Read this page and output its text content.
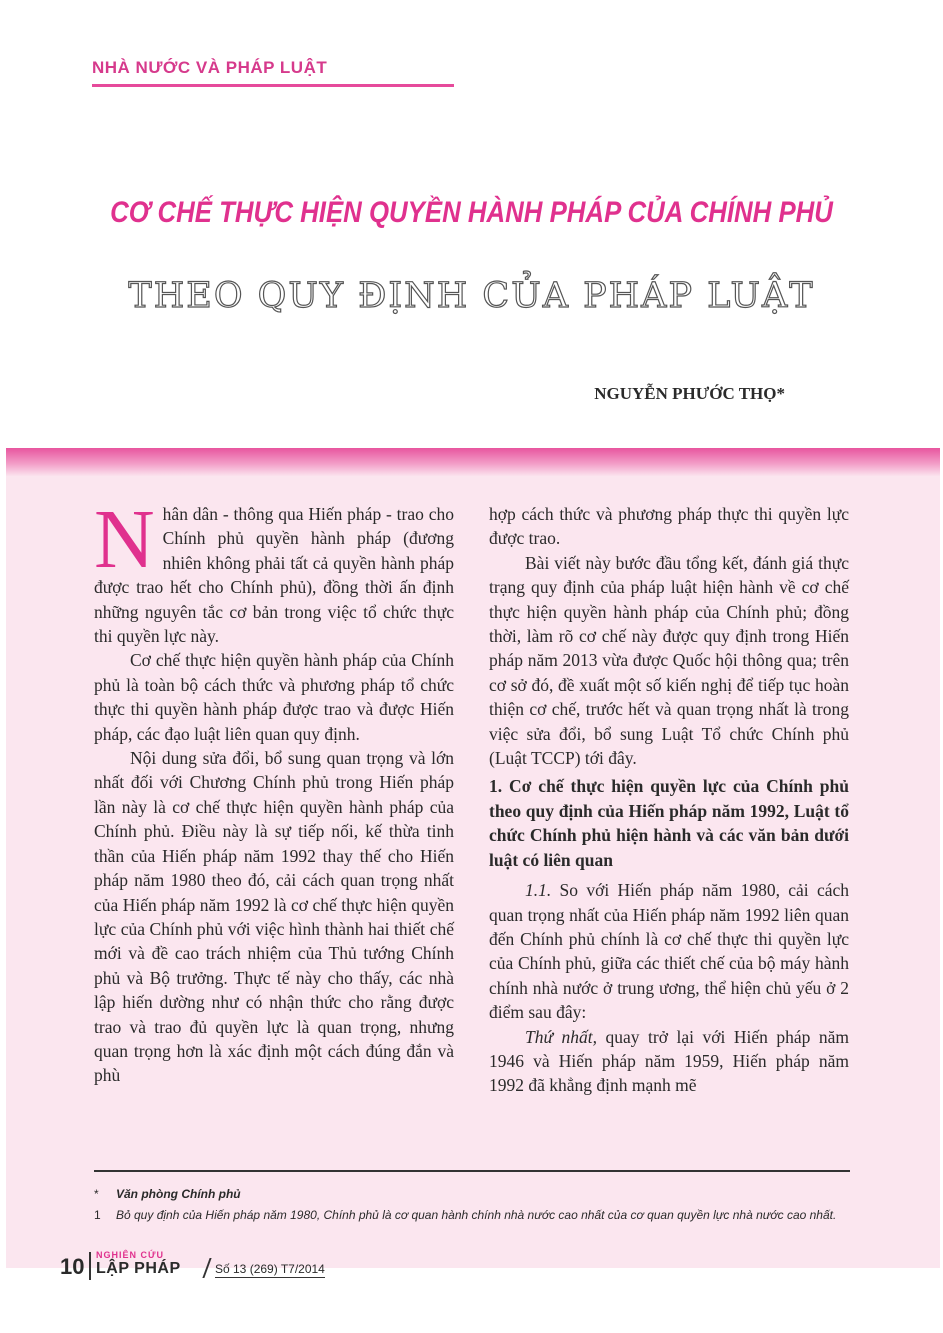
NHÀ NƯỚC VÀ PHÁP LUẬT
CƠ CHẾ THỰC HIỆN QUYỀN HÀNH PHÁP CỦA CHÍNH PHỦ
THEO QUY ĐỊNH CỦA PHÁP LUẬT
NGUYỄN PHƯỚC THỌ*

Nhân dân - thông qua Hiến pháp - trao cho Chính phủ quyền hành pháp (đương nhiên không phải tất cả quyền hành pháp được trao hết cho Chính phủ), đồng thời ấn định những nguyên tắc cơ bản trong việc tổ chức thực thi quyền lực này.

Cơ chế thực hiện quyền hành pháp của Chính phủ là toàn bộ cách thức và phương pháp tổ chức thực thi quyền hành pháp được trao và được Hiến pháp, các đạo luật liên quan quy định.

Nội dung sửa đổi, bổ sung quan trọng và lớn nhất đối với Chương Chính phủ trong Hiến pháp lần này là cơ chế thực hiện quyền hành pháp của Chính phủ. Điều này là sự tiếp nối, kế thừa tinh thần của Hiến pháp năm 1992 thay thế cho Hiến pháp năm 1980 theo đó, cải cách quan trọng nhất của Hiến pháp năm 1992 là cơ chế thực hiện quyền lực của Chính phủ với việc hình thành hai thiết chế mới và đề cao trách nhiệm của Thủ tướng Chính phủ và Bộ trưởng. Thực tế này cho thấy, các nhà lập hiến dường như có nhận thức cho rằng được trao và trao đủ quyền lực là quan trọng, nhưng quan trọng hơn là xác định một cách đúng đắn và phù

hợp cách thức và phương pháp thực thi quyền lực được trao.

Bài viết này bước đầu tổng kết, đánh giá thực trạng quy định của pháp luật hiện hành về cơ chế thực hiện quyền hành pháp của Chính phủ; đồng thời, làm rõ cơ chế này được quy định trong Hiến pháp năm 2013 vừa được Quốc hội thông qua; trên cơ sở đó, đề xuất một số kiến nghị để tiếp tục hoàn thiện cơ chế, trước hết và quan trọng nhất là trong việc sửa đổi, bổ sung Luật Tổ chức Chính phủ (Luật TCCP) tới đây.

1. Cơ chế thực hiện quyền lực của Chính phủ theo quy định của Hiến pháp năm 1992, Luật tổ chức Chính phủ hiện hành và các văn bản dưới luật có liên quan

1.1. So với Hiến pháp năm 1980, cải cách quan trọng nhất của Hiến pháp năm 1992 liên quan đến Chính phủ chính là cơ chế thực thi quyền lực của Chính phủ, giữa các thiết chế của bộ máy hành chính nhà nước ở trung ương, thể hiện chủ yếu ở 2 điểm sau đây:

Thứ nhất, quay trở lại với Hiến pháp năm 1946 và Hiến pháp năm 1959, Hiến pháp năm 1992 đã khẳng định mạnh mẽ

*	Văn phòng Chính phủ
1	Bỏ quy định của Hiến pháp năm 1980, Chính phủ là cơ quan hành chính nhà nước cao nhất của cơ quan quyền lực nhà nước cao nhất.
10 NGHIÊN CỨU
LẬP PHÁP	Số 13 (269) T7/2014
